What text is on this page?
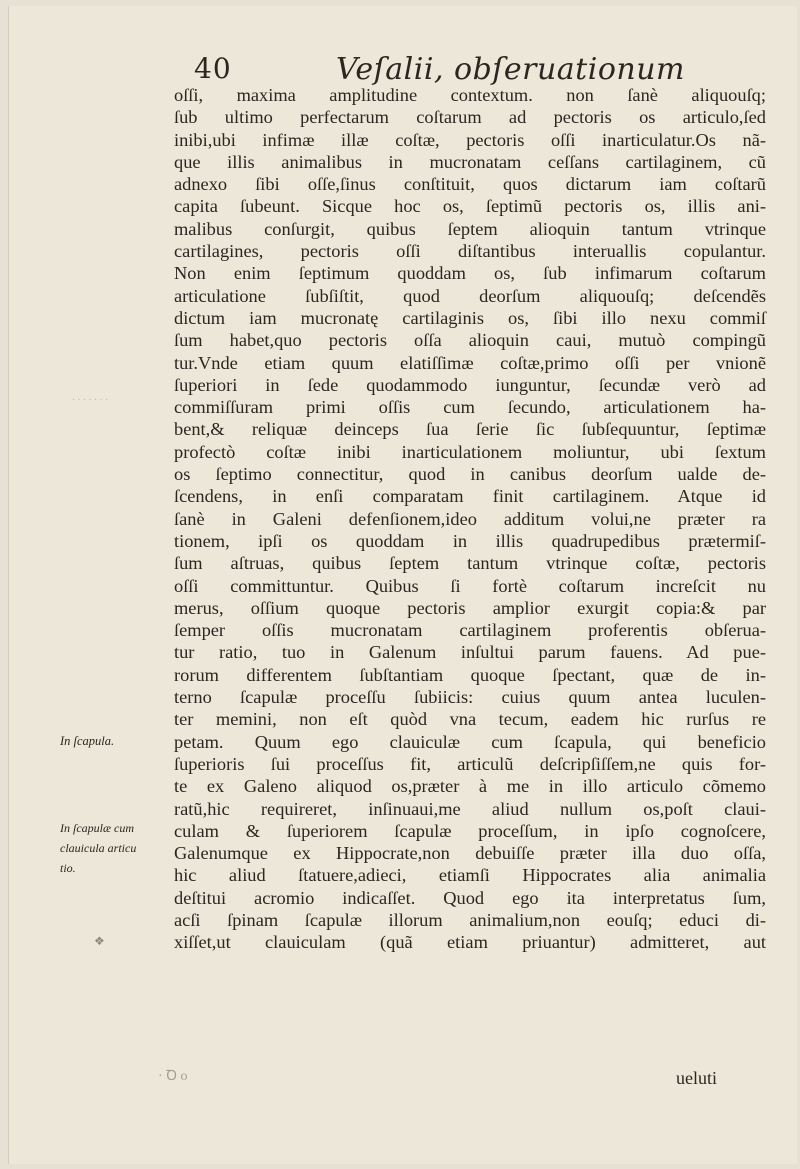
40	Veſalii, obſeruationum
oſſi, maxima amplitudine contextum. non ſanè aliquouſq;
ſub ultimo perfectarum coſtarum ad pectoris os articulo,ſed
inibi,ubi infimæ illæ coſtæ, pectoris oſſi inarticulatur.Os nã-
que illis animalibus in mucronatam ceſſans cartilaginem, cũ
adnexo ſibi oſſe,ſinus conſtituit, quos dictarum iam coſtarũ
capita ſubeunt. Sicque hoc os, ſeptimũ pectoris os, illis ani-
malibus conſurgit, quibus ſeptem alioquin tantum vtrinque
cartilagines, pectoris oſſi diſtantibus interuallis copulantur.
Non enim ſeptimum quoddam os, ſub infimarum coſtarum
articulatione ſubſiſtit, quod deorſum aliquouſq; deſcendẽs
dictum iam mucronatę cartilaginis os, ſibi illo nexu commiſ
ſum habet,quo pectoris oſſa alioquin caui, mutuò compingũ
tur.Vnde etiam quum elatiſſimæ coſtæ,primo oſſi per vnionẽ
ſuperiori in ſede quodammodo iunguntur, ſecundæ verò ad
commiſſuram primi oſſis cum ſecundo, articulationem ha-
bent,& reliquæ deinceps ſua ſerie ſic ſubſequuntur, ſeptimæ
profectò coſtæ inibi inarticulationem moliuntur, ubi ſextum
os ſeptimo connectitur, quod in canibus deorſum ualde de-
ſcendens, in enſi comparatam finit cartilaginem. Atque id
ſanè in Galeni defenſionem,ideo additum volui,ne præter ra
tionem, ipſi os quoddam in illis quadrupedibus prætermiſ-
ſum aſtruas, quibus ſeptem tantum vtrinque coſtæ, pectoris
oſſi committuntur. Quibus ſi fortè coſtarum increſcit nu
merus, oſſium quoque pectoris amplior exurgit copia:& par
ſemper oſſis mucronatam cartilaginem proferentis obſerua-
tur ratio, tuo in Galenum inſultui parum fauens. Ad pue-
rorum differentem ſubſtantiam quoque ſpectant, quæ de in-
terno ſcapulæ proceſſu ſubiicis: cuius quum antea luculen-
ter memini, non eſt quòd vna tecum, eadem hic rurſus re
petam. Quum ego clauiculæ cum ſcapula, qui beneficio
ſuperioris ſui proceſſus fit, articulũ deſcripſiſſem,ne quis for-
te ex Galeno aliquod os,præter à me in illo articulo cõmemo
ratũ,hic requireret, inſinuaui,me aliud nullum os,poſt claui-
culam & ſuperiorem ſcapulæ proceſſum, in ipſo cognoſcere,
Galenumque ex Hippocrate,non debuiſſe præter illa duo oſſa,
hic aliud ſtatuere,adieci, etiamſi Hippocrates alia animalia
deſtitui acromio indicaſſet. Quod ego ita interpretatus ſum,
acſi ſpinam ſcapulæ illorum animalium,non eouſq; educi di-
xiſſet,ut clauiculam (quã etiam priuantur) admitteret, aut
In ſcapula.
In ſcapulæ cum clauicula articu tio.
· · · · · · ·
❖
· Ꝺ o	ueluti
